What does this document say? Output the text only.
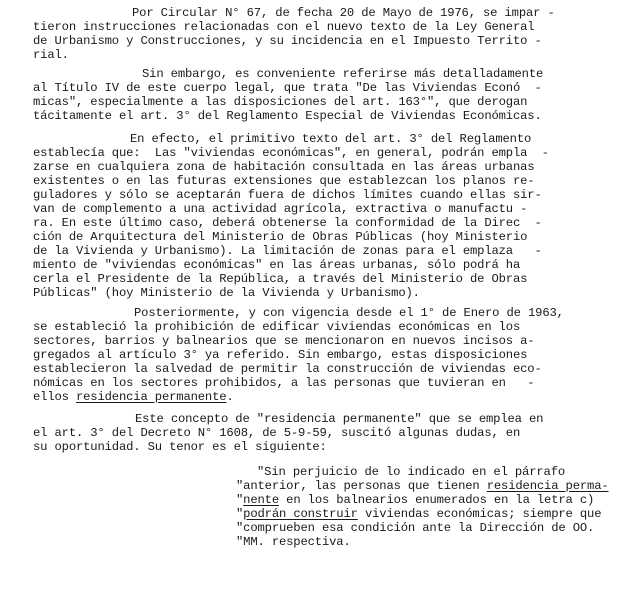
Por Circular N° 67, de fecha 20 de Mayo de 1976, se impar -
tieron instrucciones relacionadas con el nuevo texto de la Ley General
de Urbanismo y Construcciones, y su incidencia en el Impuesto Territo -
rial.
Sin embargo, es conveniente referirse más detalladamente
al Título IV de este cuerpo legal, que trata "De las Viviendas Econó  -
micas", especialmente a las disposiciones del art. 163°", que derogan
tácitamente el art. 3° del Reglamento Especial de Viviendas Económicas.
En efecto, el primitivo texto del art. 3° del Reglamento
establecía que:  Las "viviendas económicas", en general, podrán empla  -
zarse en cualquiera zona de habitación consultada en las áreas urbanas
existentes o en las futuras extensiones que establezcan los planos re-
guladores y sólo se aceptarán fuera de dichos límites cuando ellas sir-
van de complemento a una actividad agrícola, extractiva o manufactu -
ra. En este último caso, deberá obtenerse la conformidad de la Direc  -
ción de Arquitectura del Ministerio de Obras Públicas (hoy Ministerio
de la Vivienda y Urbanismo). La limitación de zonas para el emplaza   -
miento de "viviendas económicas" en las áreas urbanas, sólo podrá ha
cerla el Presidente de la República, a través del Ministerio de Obras
Públicas" (hoy Ministerio de la Vivienda y Urbanismo).
Posteriormente, y con vigencia desde el 1° de Enero de 1963,
se estableció la prohibición de edificar viviendas económicas en los
sectores, barrios y balnearios que se mencionaron en nuevos incisos a-
gregados al artículo 3° ya referido. Sin embargo, estas disposiciones
establecieron la salvedad de permitir la construcción de viviendas eco-
nómicas en los sectores prohibidos, a las personas que tuvieran en   -
ellos residencia permanente.
Este concepto de "residencia permanente" que se emplea en
el art. 3° del Decreto N° 1608, de 5-9-59, suscitó algunas dudas, en
su oportunidad. Su tenor es el siguiente:
"Sin perjuicio de lo indicado en el párrafo
"anterior, las personas que tienen residencia perma-
"nente en los balnearios enumerados en la letra c)
"podrán construir viviendas económicas; siempre que
"comprueben esa condición ante la Dirección de OO.
"MM. respectiva.
